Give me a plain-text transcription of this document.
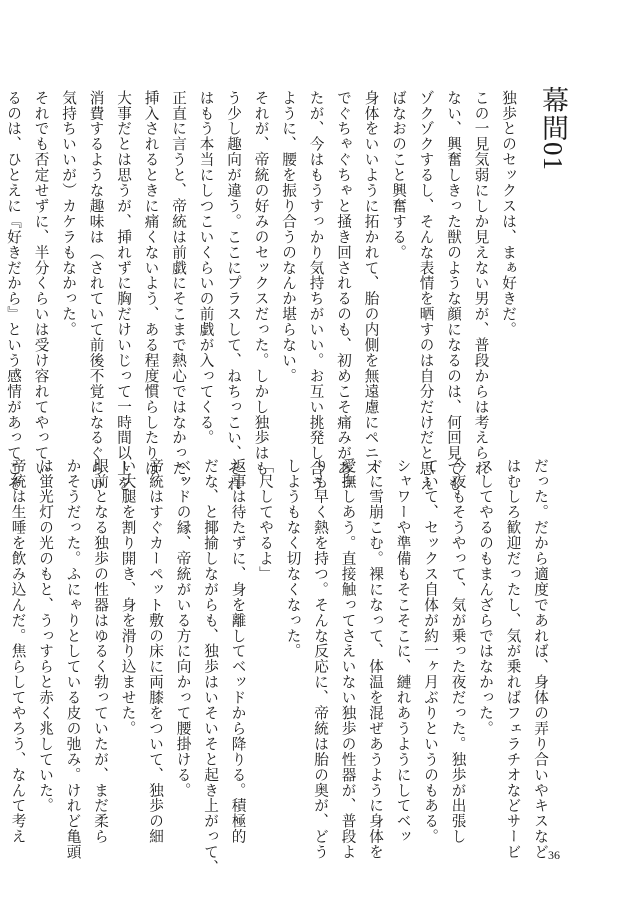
幕間01
独歩とのセックスは、まぁ好きだ。
この一見気弱にしか見えない男が、普段からは考えられ
ない、興奮しきった獣のような顔になるのは、何回見ても
ゾクゾクするし、そんな表情を晒すのは自分だけだと思え
ばなおのこと興奮する。
身体をいいように拓かれて、胎の内側を無遠慮にペニス
でぐちゃぐちゃと掻き回されるのも、初めこそ痛みがあっ
たが、今はもうすっかり気持ちがいい。お互い挑発し合う
ように、腰を振り合うのなんか堪らない。
それが、帝統の好みのセックスだった。しかし独歩はも
う少し趣向が違う。ここにプラスして、ねちっこい、それ
はもう本当にしつこいくらいの前戯が入ってくる。
正直に言うと、帝統は前戯にそこまで熱心ではなかった。
挿入されるときに痛くないよう、ある程度慣らしたりは
大事だとは思うが、挿れずに胸だけいじって一時間以上を
消費するような趣味は（されていて前後不覚になるぐらい
気持ちいいが）カケラもなかった。
それでも否定せずに、半分くらいは受け容れてやってい
るのは、ひとえに『好きだから』という感情があってこそ
だった。だから適度であれば、身体の弄り合いやキスなど
はむしろ歓迎だったし、気が乗ればフェラチオなどサービ
スしてやるのもまんざらではなかった。
今夜もそうやって、気が乗った夜だった。独歩が出張し
ていて、セックス自体が約一ヶ月ぶりというのもある。
シャワーや準備もそこそこに、縺れあうようにしてベッ
ドに雪崩こむ。裸になって、体温を混ぜあうように身体を
愛撫しあう。直接触ってさえいない独歩の性器が、普段よ
りも早く熱を持つ。そんな反応に、帝統は胎の奥が、どう
しようもなく切なくなった。
「尺してやるよ」
返事は待たずに、身を離してベッドから降りる。積極的
だな、と揶揄しながらも、独歩はいそいそと起き上がって、
ベッドの縁、帝統がいる方に向かって腰掛ける。
帝統はすぐカーペット敷の床に両膝をついて、独歩の細
い大腿を割り開き、身を滑り込ませた。
眼前となる独歩の性器はゆるく勃っていたが、まだ柔ら
かそうだった。ふにゃりとしている皮の弛み。けれど亀頭
は蛍光灯の光のもと、うっすらと赤く兆していた。
帝統は生唾を飲み込んだ。焦らしてやろう、なんて考え
36
